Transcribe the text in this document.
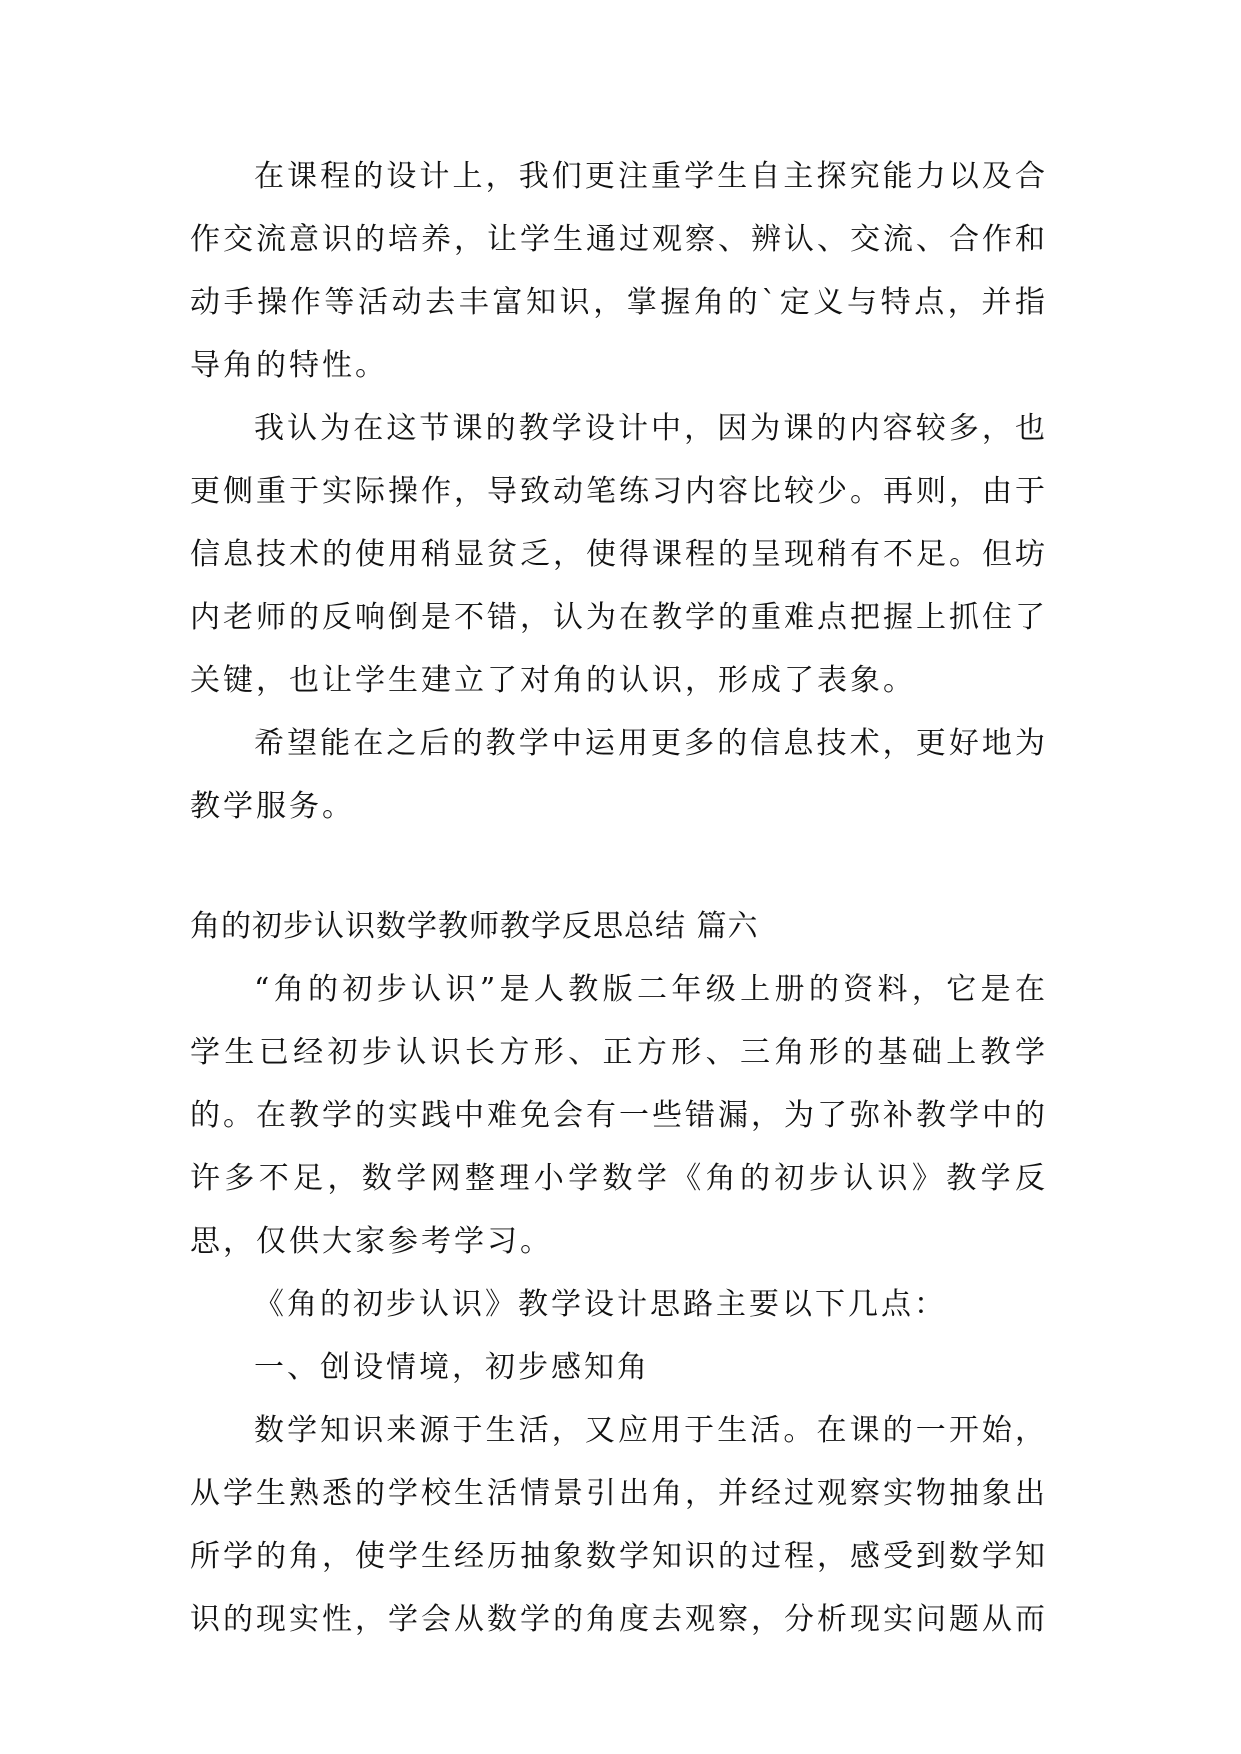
在课程的设计上，我们更注重学生自主探究能力以及合作交流意识的培养，让学生通过观察、辨认、交流、合作和动手操作等活动去丰富知识，掌握角的`定义与特点，并指导角的特性。

我认为在这节课的教学设计中，因为课的内容较多，也更侧重于实际操作，导致动笔练习内容比较少。再则，由于信息技术的使用稍显贫乏，使得课程的呈现稍有不足。但坊内老师的反响倒是不错，认为在教学的重难点把握上抓住了关键，也让学生建立了对角的认识，形成了表象。

希望能在之后的教学中运用更多的信息技术，更好地为教学服务。

角的初步认识数学教师教学反思总结 篇六

“角的初步认识”是人教版二年级上册的资料，它是在学生已经初步认识长方形、正方形、三角形的基础上教学的。在教学的实践中难免会有一些错漏，为了弥补教学中的许多不足，数学网整理小学数学《角的初步认识》教学反思，仅供大家参考学习。

《角的初步认识》教学设计思路主要以下几点：

一、创设情境，初步感知角

数学知识来源于生活，又应用于生活。在课的一开始，从学生熟悉的学校生活情景引出角，并经过观察实物抽象出所学的角，使学生经历抽象数学知识的过程，感受到数学知识的现实性，学会从数学的角度去观察，分析现实问题从而
